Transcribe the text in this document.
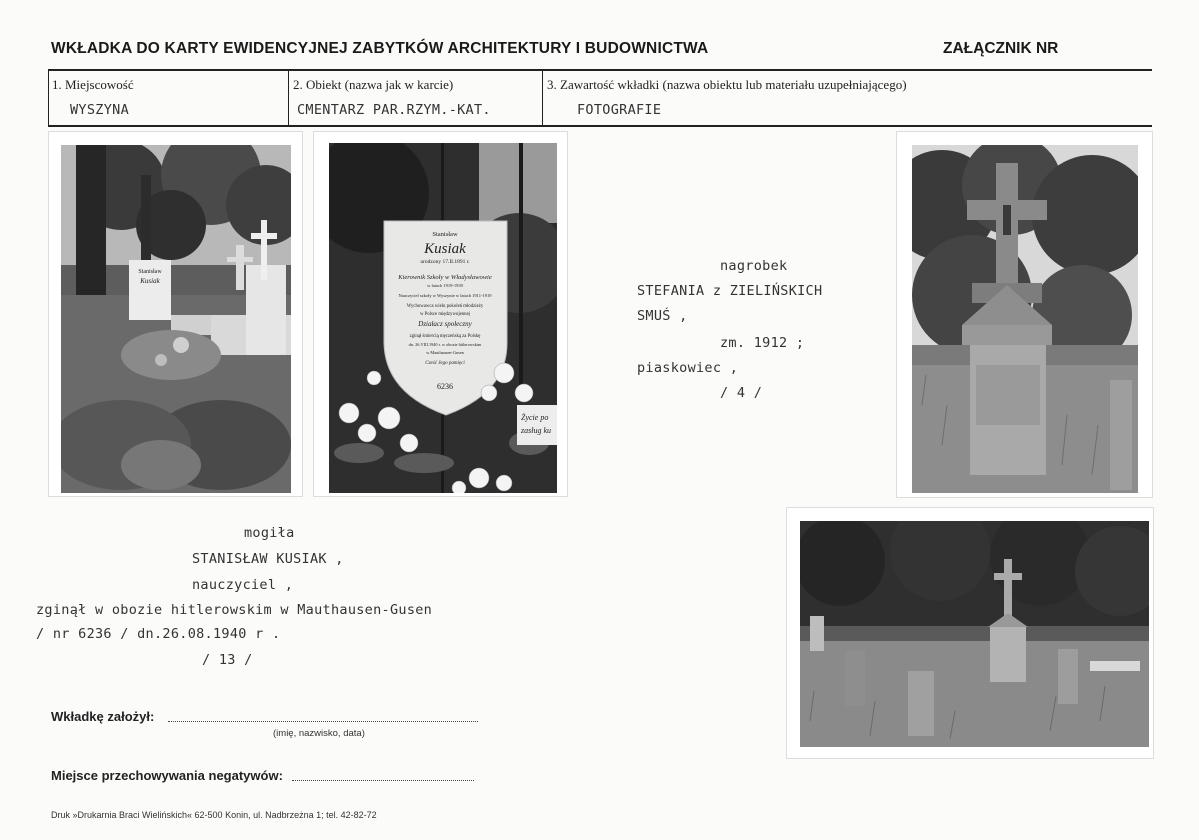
WKŁADKA DO KARTY EWIDENCYJNEJ ZABYTKÓW ARCHITEKTURY I BUDOWNICTWA	ZAŁĄCZNIK NR
1. Miejscowość
WYSZYNA
2. Obiekt (nazwa jak w karcie)
CMENTARZ PAR.RZYM.-KAT.
3. Zawartość wkładki (nazwa obiektu lub materiału uzupełniającego)
FOTOGRAFIE
Stanisław
Kusiak
Stanisław
Kusiak
urodzony 17.II.1891 r.
Kierownik Szkoły w Władysławowie
w latach 1919-1939
Nauczyciel szkoły w Wyszynie w latach 1911-1919
Wychowawca wielu pokoleń młodzieży
w Polsce międzywojennej
Działacz społeczny
zginął śmiercią męczeńską za Polskę
dn. 26.VIII.1940 r. w obozie hitlerowskim
w Mauthausen-Gusen
Cześć Jego pamięci
6236
Życie po
zasług ku
nagrobek
STEFANIA z ZIELIŃSKICH
SMUŚ ,
zm. 1912 ;
piaskowiec ,
/ 4 /
mogiła
STANISŁAW KUSIAK ,
nauczyciel ,
zginął w obozie hitlerowskim w Mauthausen-Gusen
/ nr 6236 / dn.26.08.1940 r .
/ 13 /
Wkładkę założył:
(imię, nazwisko, data)
Miejsce przechowywania negatywów:
Druk »Drukarnia Braci Wielińskich« 62-500 Konin, ul. Nadbrzeżna 1; tel. 42-82-72
